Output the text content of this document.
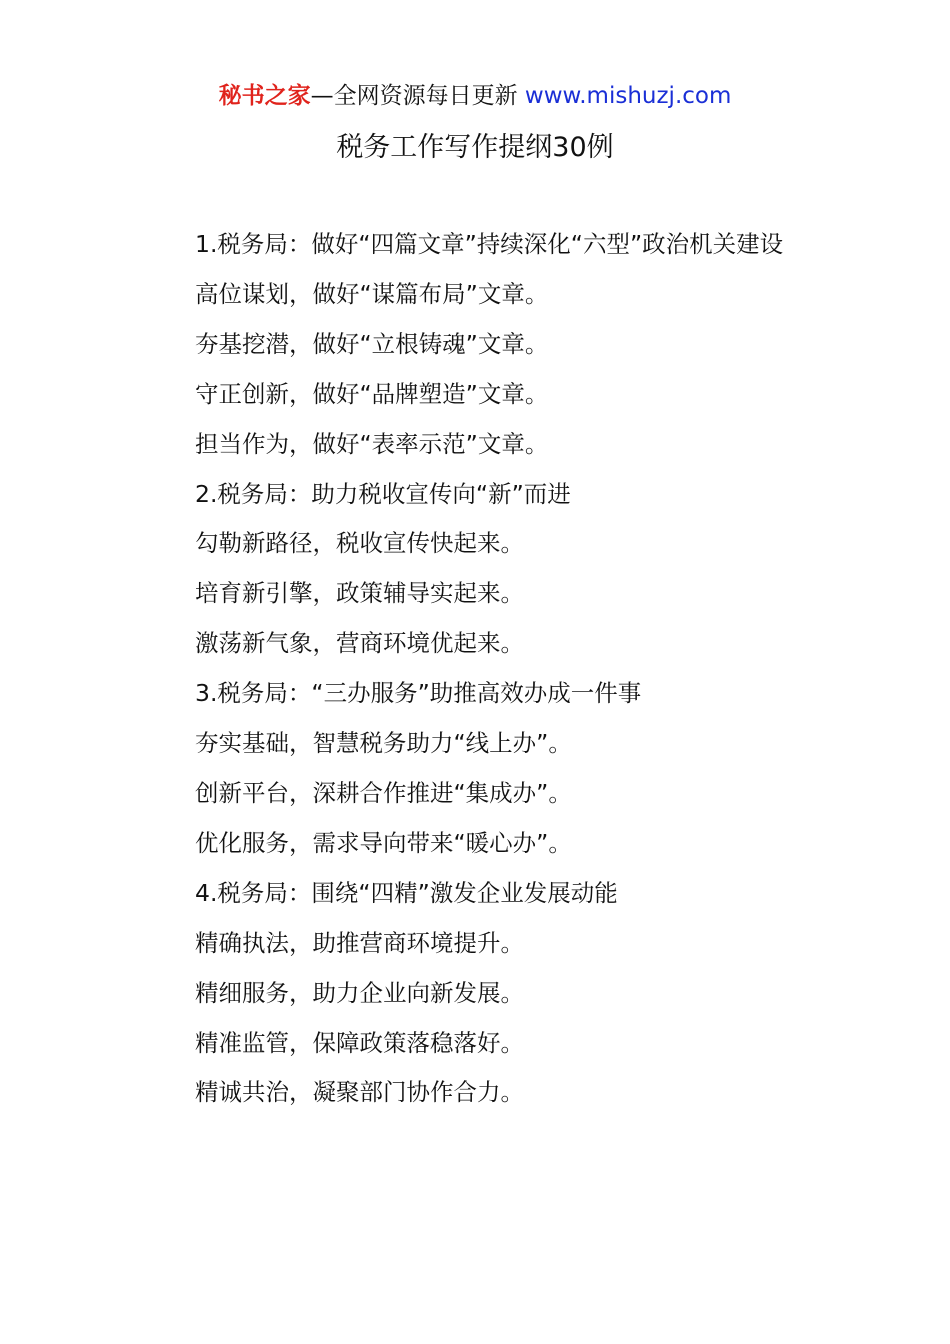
秘书之家—全网资源每日更新 www.mishuzj.com
税务工作写作提纲30例

1.税务局：做好“四篇文章”持续深化“六型”政治机关建设

高位谋划，做好“谋篇布局”文章。

夯基挖潜，做好“立根铸魂”文章。

守正创新，做好“品牌塑造”文章。

担当作为，做好“表率示范”文章。

2.税务局：助力税收宣传向“新”而进

勾勒新路径，税收宣传快起来。

培育新引擎，政策辅导实起来。

激荡新气象，营商环境优起来。

3.税务局：“三办服务”助推高效办成一件事

夯实基础，智慧税务助力“线上办”。

创新平台，深耕合作推进“集成办”。

优化服务，需求导向带来“暖心办”。

4.税务局：围绕“四精”激发企业发展动能

精确执法，助推营商环境提升。

精细服务，助力企业向新发展。

精准监管，保障政策落稳落好。

精诚共治，凝聚部门协作合力。
